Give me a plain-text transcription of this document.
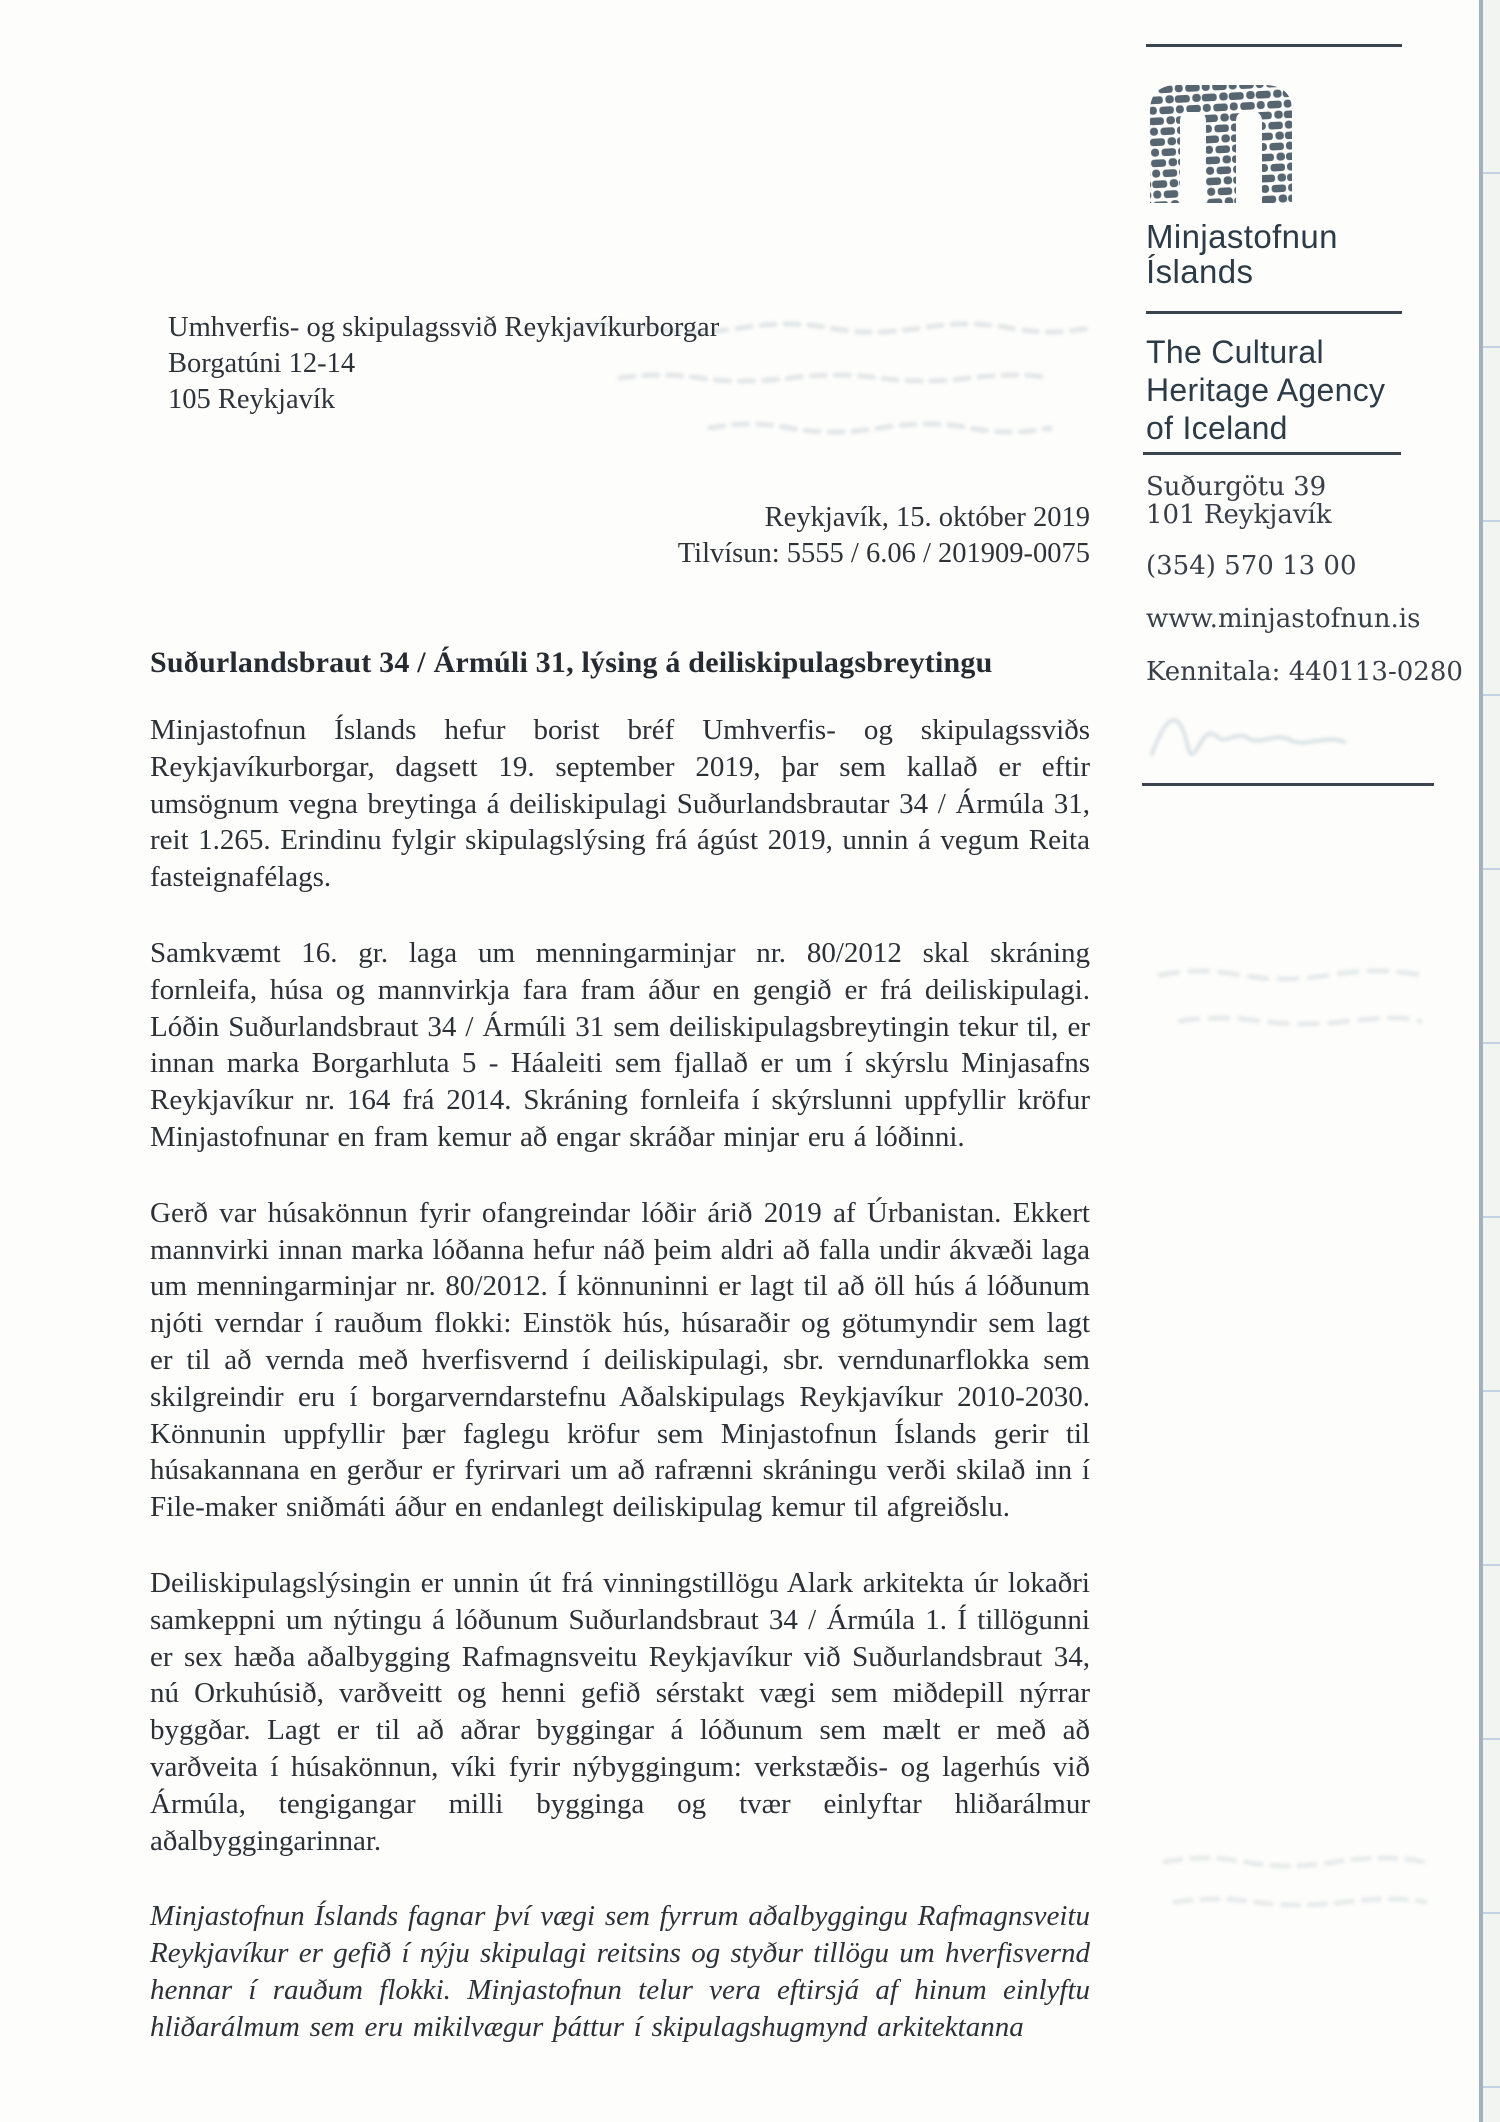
Minjastofnun
Íslands
The Cultural
Heritage Agency
of Iceland
Suðurgötu 39
101 Reykjavík
(354) 570 13 00
www.minjastofnun.is
Kennitala: 440113-0280
Umhverfis- og skipulagssvið Reykjavíkurborgar
Borgatúni 12-14
105 Reykjavík
Reykjavík, 15. október 2019
Tilvísun: 5555 / 6.06 / 201909-0075
Suðurlandsbraut 34 / Ármúli 31, lýsing á deiliskipulagsbreytingu

Minjastofnun Íslands hefur borist bréf Umhverfis- og skipulagssviðs Reykjavíkurborgar, dagsett 19. september 2019, þar sem kallað er eftir umsögnum vegna breytinga á deiliskipulagi Suðurlandsbrautar 34 / Ármúla 31, reit 1.265. Erindinu fylgir skipulagslýsing frá ágúst 2019, unnin á vegum Reita fasteignafélags.

Samkvæmt 16. gr. laga um menningarminjar nr. 80/2012 skal skráning fornleifa, húsa og mannvirkja fara fram áður en gengið er frá deiliskipulagi. Lóðin Suðurlandsbraut 34 / Ármúli 31 sem deiliskipulagsbreytingin tekur til, er innan marka Borgarhluta 5 - Háaleiti sem fjallað er um í skýrslu Minjasafns Reykjavíkur nr. 164 frá 2014. Skráning fornleifa í skýrslunni uppfyllir kröfur Minjastofnunar en fram kemur að engar skráðar minjar eru á lóðinni.

Gerð var húsakönnun fyrir ofangreindar lóðir árið 2019 af Úrbanistan. Ekkert mannvirki innan marka lóðanna hefur náð þeim aldri að falla undir ákvæði laga um menningarminjar nr. 80/2012. Í könnuninni er lagt til að öll hús á lóðunum njóti verndar í rauðum flokki: Einstök hús, húsaraðir og götumyndir sem lagt er til að vernda með hverfisvernd í deiliskipulagi, sbr. verndunarflokka sem skilgreindir eru í borgarverndarstefnu Aðalskipulags Reykjavíkur 2010-2030. Könnunin uppfyllir þær faglegu kröfur sem Minjastofnun Íslands gerir til húsakannana en gerður er fyrirvari um að rafrænni skráningu verði skilað inn í File-maker sniðmáti áður en endanlegt deiliskipulag kemur til afgreiðslu.

Deiliskipulagslýsingin er unnin út frá vinningstillögu Alark arkitekta úr lokaðri samkeppni um nýtingu á lóðunum Suðurlandsbraut 34 / Ármúla 1. Í tillögunni er sex hæða aðalbygging Rafmagnsveitu Reykjavíkur við Suðurlandsbraut 34, nú Orkuhúsið, varðveitt og henni gefið sérstakt vægi sem miðdepill nýrrar byggðar. Lagt er til að aðrar byggingar á lóðunum sem mælt er með að varðveita í húsakönnun, víki fyrir nýbyggingum: verkstæðis- og lagerhús við Ármúla, tengigangar milli bygginga og tvær einlyftar hliðarálmur aðalbyggingarinnar.

Minjastofnun Íslands fagnar því vægi sem fyrrum aðalbyggingu Rafmagnsveitu Reykjavíkur er gefið í nýju skipulagi reitsins og styður tillögu um hverfisvernd hennar í rauðum flokki. Minjastofnun telur vera eftirsjá af hinum einlyftu hliðarálmum sem eru mikilvægur þáttur í skipulagshugmynd arkitektanna
